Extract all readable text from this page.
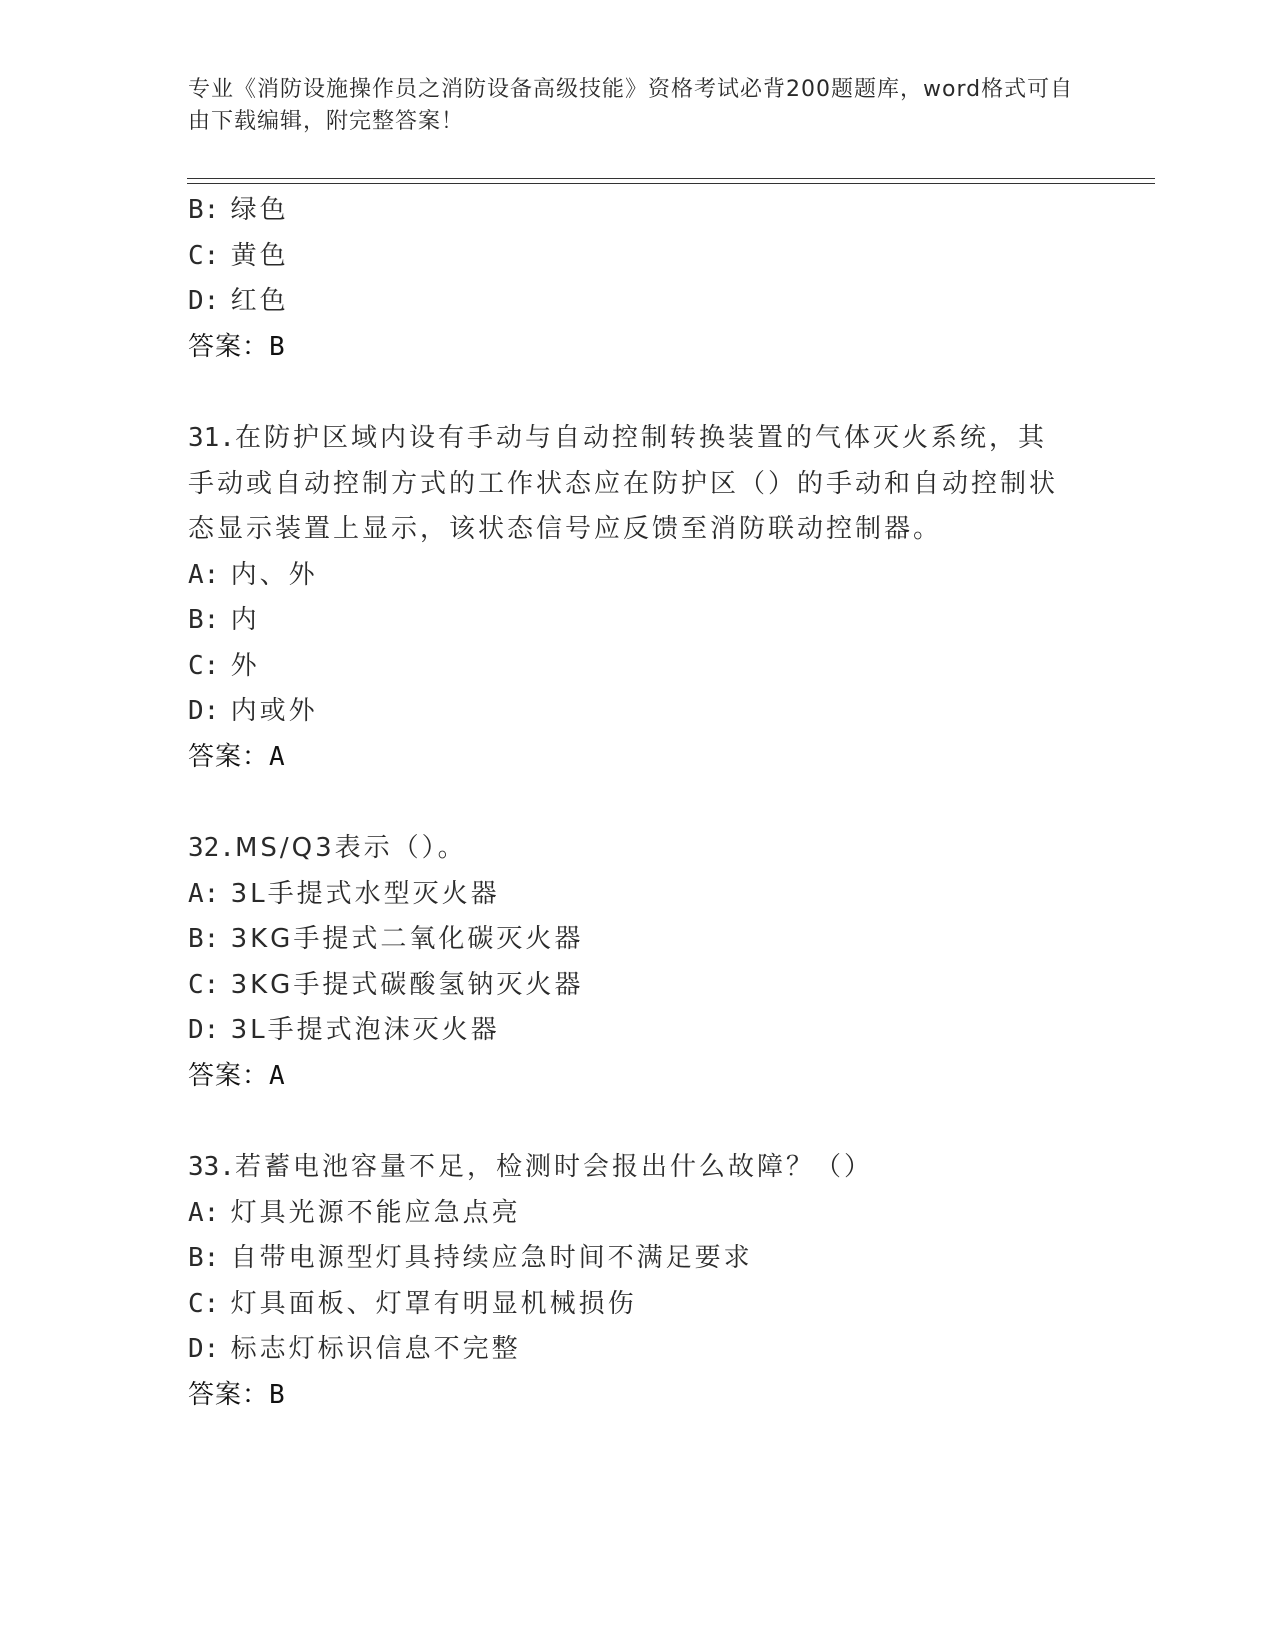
专业《消防设施操作员之消防设备高级技能》资格考试必背200题题库，word格式可自由下载编辑，附完整答案！
B: 绿色
C: 黄色
D: 红色
答案：B
31.在防护区域内设有手动与自动控制转换装置的气体灭火系统，其手动或自动控制方式的工作状态应在防护区（）的手动和自动控制状态显示装置上显示，该状态信号应反馈至消防联动控制器。
A: 内、外
B: 内
C: 外
D: 内或外
答案：A
32.MS/Q3表示（）。
A: 3L手提式水型灭火器
B: 3KG手提式二氧化碳灭火器
C: 3KG手提式碳酸氢钠灭火器
D: 3L手提式泡沫灭火器
答案：A
33.若蓄电池容量不足，检测时会报出什么故障？（）
A: 灯具光源不能应急点亮
B: 自带电源型灯具持续应急时间不满足要求
C: 灯具面板、灯罩有明显机械损伤
D: 标志灯标识信息不完整
答案：B
